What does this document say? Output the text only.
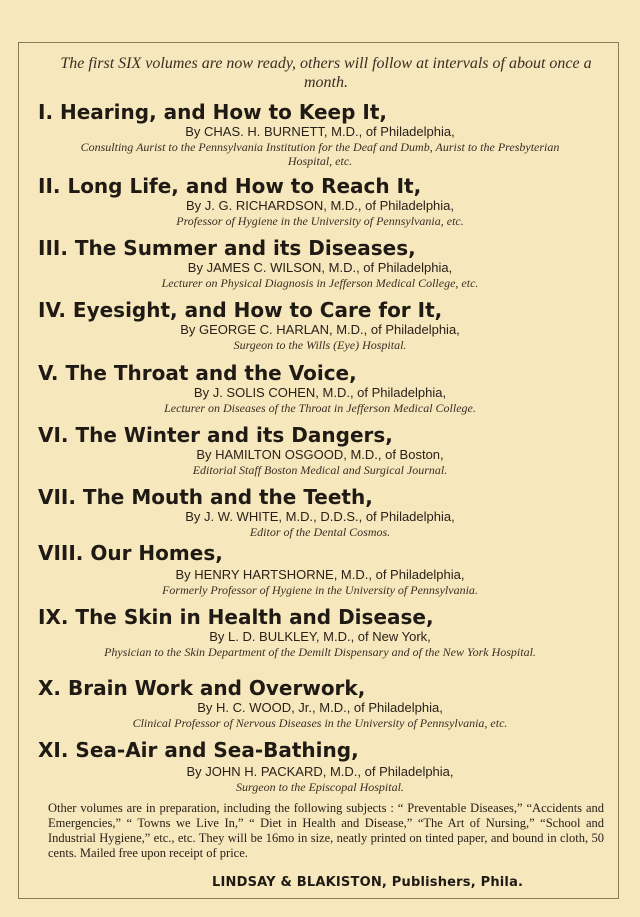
The first SIX volumes are now ready, others will follow at intervals of about once a month.
I. Hearing, and How to Keep It,
By CHAS. H. BURNETT, M.D., of Philadelphia,
Consulting Aurist to the Pennsylvania Institution for the Deaf and Dumb, Aurist to the Presbyterian Hospital, etc.
II. Long Life, and How to Reach It,
By J. G. RICHARDSON, M.D., of Philadelphia,
Professor of Hygiene in the University of Pennsylvania, etc.
III. The Summer and its Diseases,
By JAMES C. WILSON, M.D., of Philadelphia,
Lecturer on Physical Diagnosis in Jefferson Medical College, etc.
IV. Eyesight, and How to Care for It,
By GEORGE C. HARLAN, M.D., of Philadelphia,
Surgeon to the Wills (Eye) Hospital.
V. The Throat and the Voice,
By J. SOLIS COHEN, M.D., of Philadelphia,
Lecturer on Diseases of the Throat in Jefferson Medical College.
VI. The Winter and its Dangers,
By HAMILTON OSGOOD, M.D., of Boston,
Editorial Staff Boston Medical and Surgical Journal.
VII. The Mouth and the Teeth,
By J. W. WHITE, M.D., D.D.S., of Philadelphia,
Editor of the Dental Cosmos.
VIII. Our Homes,
By HENRY HARTSHORNE, M.D., of Philadelphia,
Formerly Professor of Hygiene in the University of Pennsylvania.
IX. The Skin in Health and Disease,
By L. D. BULKLEY, M.D., of New York,
Physician to the Skin Department of the Demilt Dispensary and of the New York Hospital.
X. Brain Work and Overwork,
By H. C. WOOD, Jr., M.D., of Philadelphia,
Clinical Professor of Nervous Diseases in the University of Pennsylvania, etc.
XI. Sea-Air and Sea-Bathing,
By JOHN H. PACKARD, M.D., of Philadelphia,
Surgeon to the Episcopal Hospital.
Other volumes are in preparation, including the following subjects : “ Preventable Diseases,” “Accidents and Emergencies,” “ Towns we Live In,” “ Diet in Health and Disease,” “The Art of Nursing,” “School and Industrial Hygiene,” etc., etc. They will be 16mo in size, neatly printed on tinted paper, and bound in cloth, 50 cents. Mailed free upon receipt of price.
LINDSAY & BLAKISTON, Publishers, Phila.
